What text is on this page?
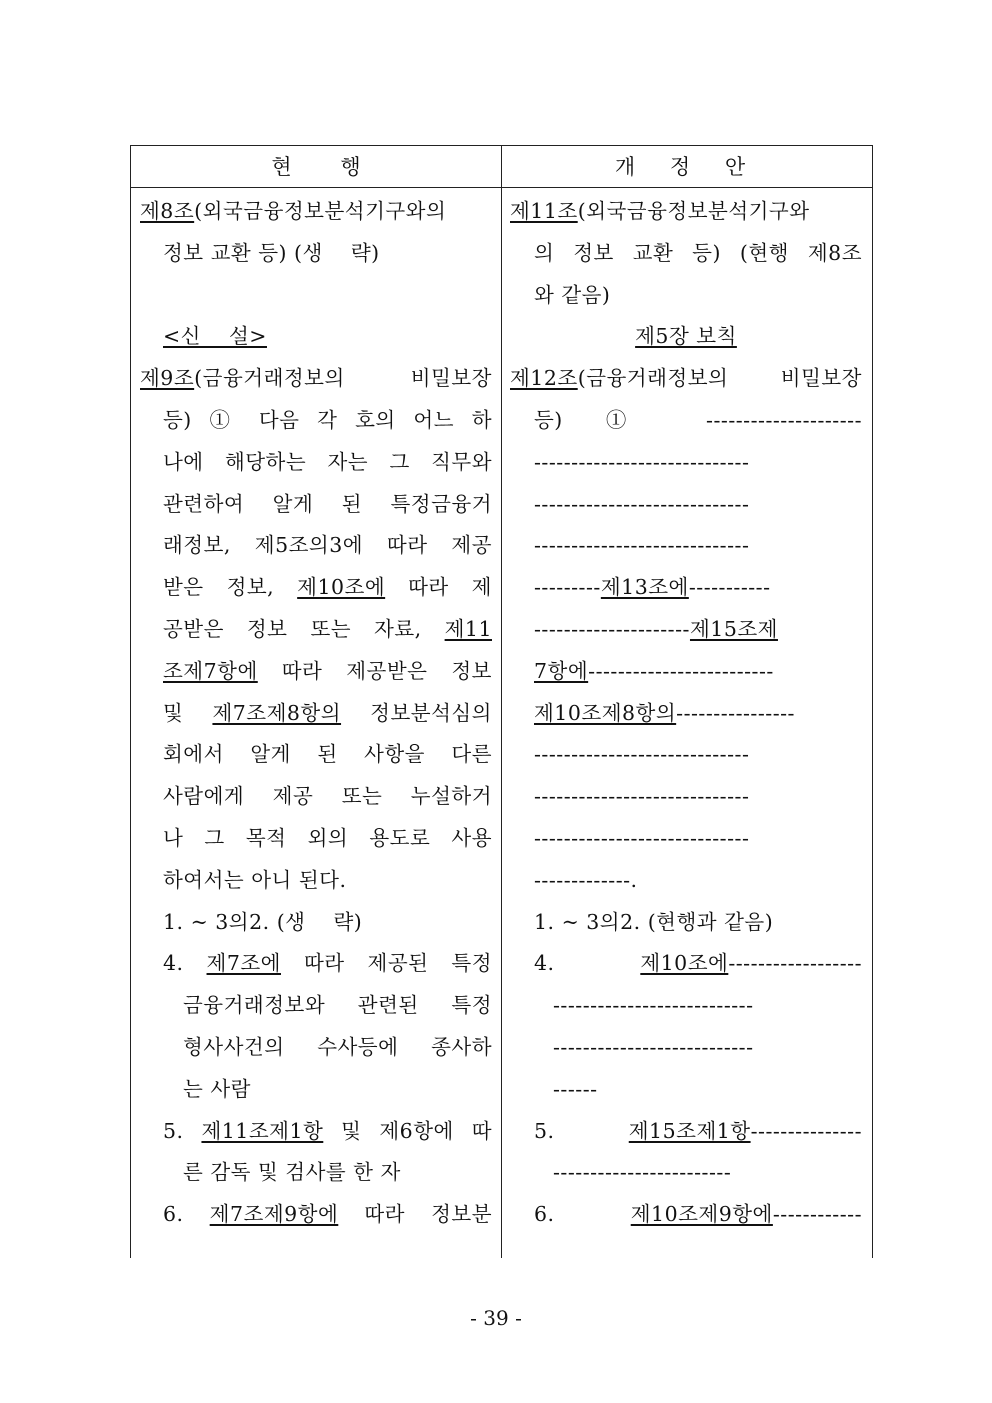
현 　　행	개 정 안
제8조(외국금융정보분석기구와의
정보 교환 등) (생 　략)
<신 　설>
제9조(금융거래정보의 　비밀보장
등) ① 다음 각 호의 어느 하
나에 해당하는 자는 그 직무와
관련하여 알게 된 특정금융거
래정보, 제5조의3에 따라 제공
받은 정보, 제10조에 따라 제
공받은 정보 또는 자료, 제11
조제7항에 따라 제공받은 정보
및 제7조제8항의 정보분석심의
회에서 알게 된 사항을 다른
사람에게 제공 또는 누설하거
나 그 목적 외의 용도로 사용
하여서는 아니 된다.
1. ~ 3의2. (생 　략)
4. 제7조에 따라 제공된 특정
금융거래정보와 관련된 특정
형사사건의 수사등에 종사하
는 사람
5. 제11조제1항 및 제6항에 따
른 감독 및 검사를 한 자
6. 제7조제9항에 따라 정보분
제11조(외국금융정보분석기구와
의 정보 교환 등) (현행 제8조
와 같음)
제5장 보칙
제12조(금융거래정보의 비밀보장
등) ① ---------------------
-----------------------------
-----------------------------
-----------------------------
---------제13조에-----------
---------------------제15조제
7항에-------------------------
제10조제8항의----------------
-----------------------------
-----------------------------
-----------------------------
-------------.
1. ~ 3의2. (현행과 같음)
4. 제10조에------------------
---------------------------
---------------------------
------
5. 제15조제1항---------------
------------------------
6. 제10조제9항에------------
- 39 -
